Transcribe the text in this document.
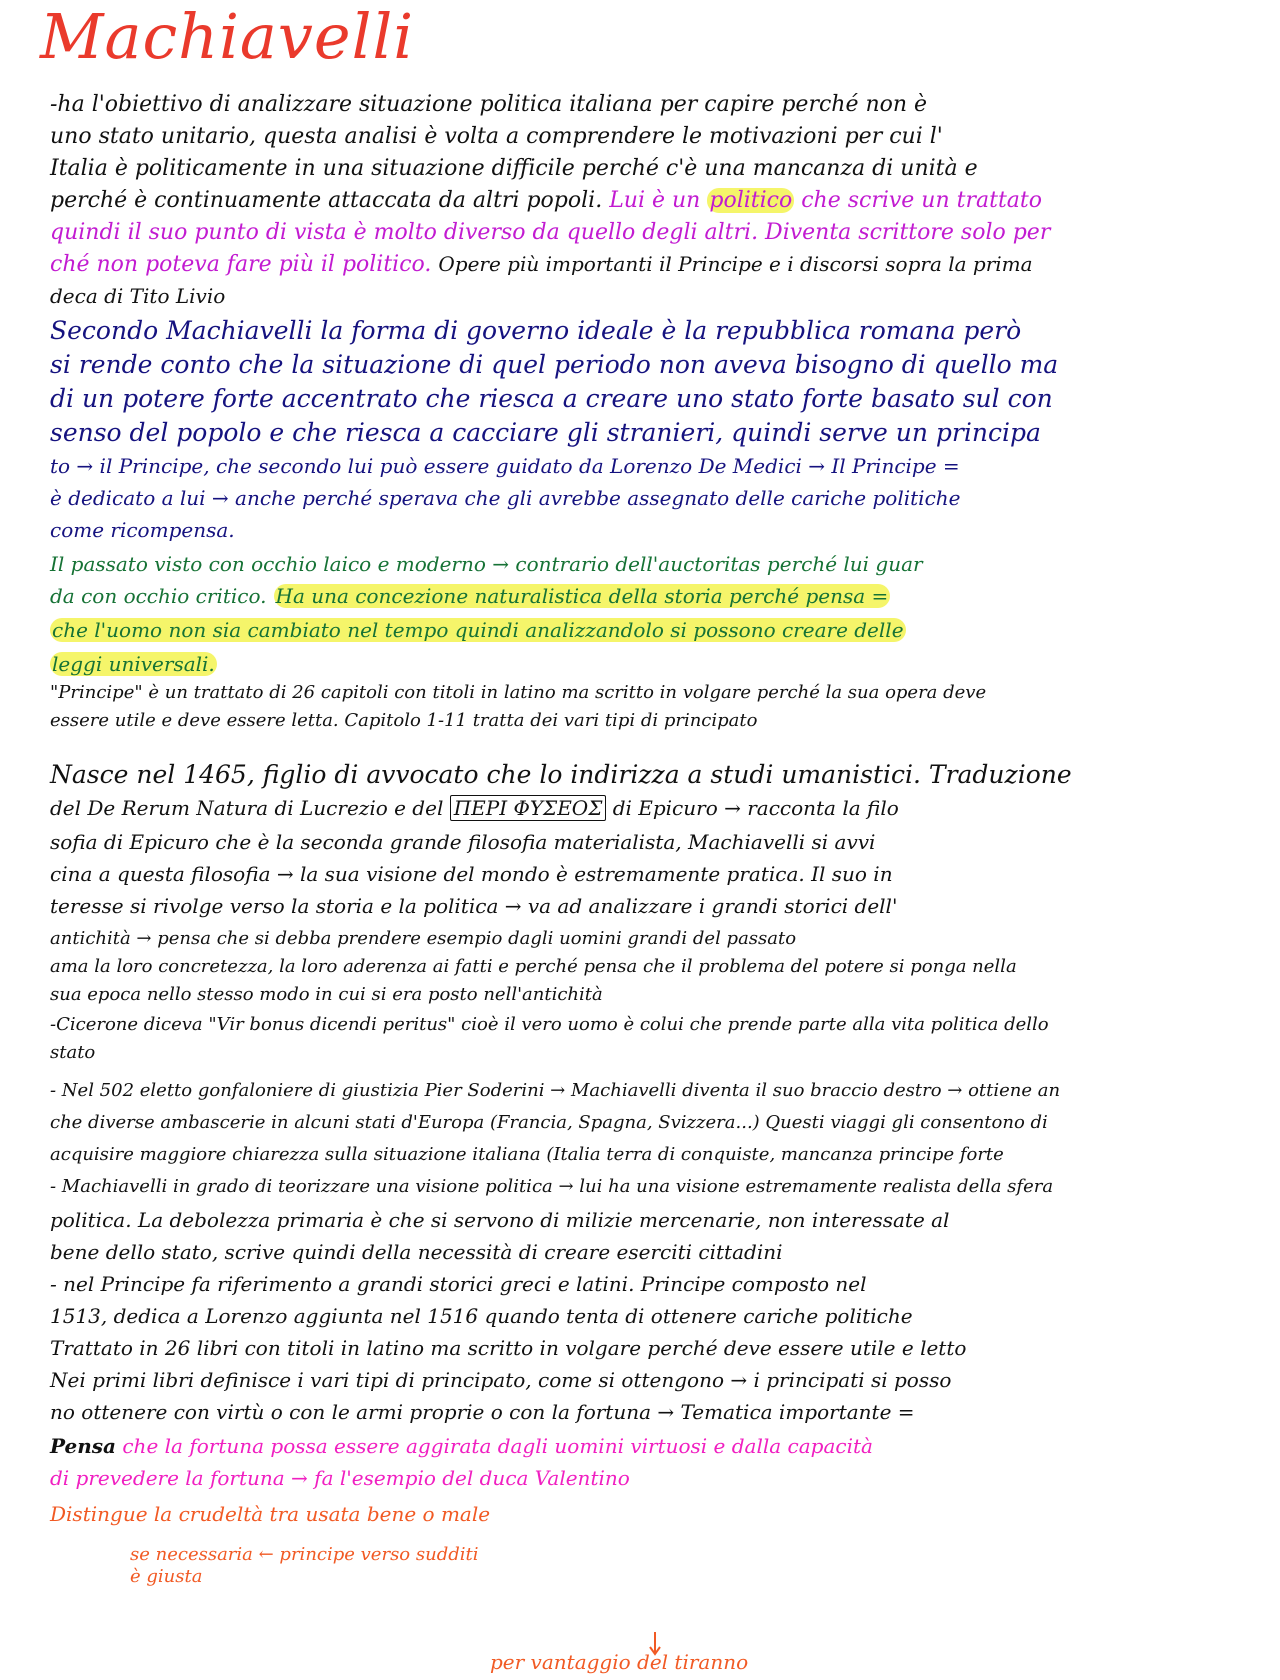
Machiavelli
-ha l'obiettivo di analizzare situazione politica italiana per capire perché non è
uno stato unitario, questa analisi è volta a comprendere le motivazioni per cui l'
Italia è politicamente in una situazione difficile perché c'è una mancanza di unità e
perché è continuamente attaccata da altri popoli. Lui è un politico che scrive un trattato
quindi il suo punto di vista è molto diverso da quello degli altri. Diventa scrittore solo per
ché non poteva fare più il politico. Opere più importanti il Principe e i discorsi sopra la prima
deca di Tito Livio
Secondo Machiavelli la forma di governo ideale è la repubblica romana però
si rende conto che la situazione di quel periodo non aveva bisogno di quello ma
di un potere forte accentrato che riesca a creare uno stato forte basato sul con
senso del popolo e che riesca a cacciare gli stranieri, quindi serve un principa
to → il Principe, che secondo lui può essere guidato da Lorenzo De Medici → Il Principe =
è dedicato a lui → anche perché sperava che gli avrebbe assegnato delle cariche politiche
come ricompensa.
Il passato visto con occhio laico e moderno → contrario dell'auctoritas perché lui guar
da con occhio critico. Ha una concezione naturalistica della storia perché pensa =
che l'uomo non sia cambiato nel tempo quindi analizzandolo si possono creare delle
leggi universali.
"Principe" è un trattato di 26 capitoli con titoli in latino ma scritto in volgare perché la sua opera deve
essere utile e deve essere letta. Capitolo 1-11 tratta dei vari tipi di principato
Nasce nel 1465, figlio di avvocato che lo indirizza a studi umanistici. Traduzione
del De Rerum Natura di Lucrezio e del ΠΕΡΙ ΦΥΣΕΟΣ di Epicuro → racconta la filo
sofia di Epicuro che è la seconda grande filosofia materialista, Machiavelli si avvi
cina a questa filosofia → la sua visione del mondo è estremamente pratica. Il suo in
teresse si rivolge verso la storia e la politica → va ad analizzare i grandi storici dell'
antichità → pensa che si debba prendere esempio dagli uomini grandi del passato
ama la loro concretezza, la loro aderenza ai fatti e perché pensa che il problema del potere si ponga nella
sua epoca nello stesso modo in cui si era posto nell'antichità
-Cicerone diceva "Vir bonus dicendi peritus" cioè il vero uomo è colui che prende parte alla vita politica dello
stato
- Nel 502 eletto gonfaloniere di giustizia Pier Soderini → Machiavelli diventa il suo braccio destro → ottiene an
che diverse ambascerie in alcuni stati d'Europa (Francia, Spagna, Svizzera...) Questi viaggi gli consentono di
acquisire maggiore chiarezza sulla situazione italiana (Italia terra di conquiste, mancanza principe forte
- Machiavelli in grado di teorizzare una visione politica → lui ha una visione estremamente realista della sfera
politica. La debolezza primaria è che si servono di milizie mercenarie, non interessate al
bene dello stato, scrive quindi della necessità di creare eserciti cittadini
- nel Principe fa riferimento a grandi storici greci e latini. Principe composto nel
1513, dedica a Lorenzo aggiunta nel 1516 quando tenta di ottenere cariche politiche
Trattato in 26 libri con titoli in latino ma scritto in volgare perché deve essere utile e letto
Nei primi libri definisce i vari tipi di principato, come si ottengono → i principati si posso
no ottenere con virtù o con le armi proprie o con la fortuna → Tematica importante =
Pensa che la fortuna possa essere aggirata dagli uomini virtuosi e dalla capacità
di prevedere la fortuna → fa l'esempio del duca Valentino
Distingue la crudeltà tra usata bene o male
se necessaria ← principe verso sudditi
è giusta
per vantaggio del tiranno
